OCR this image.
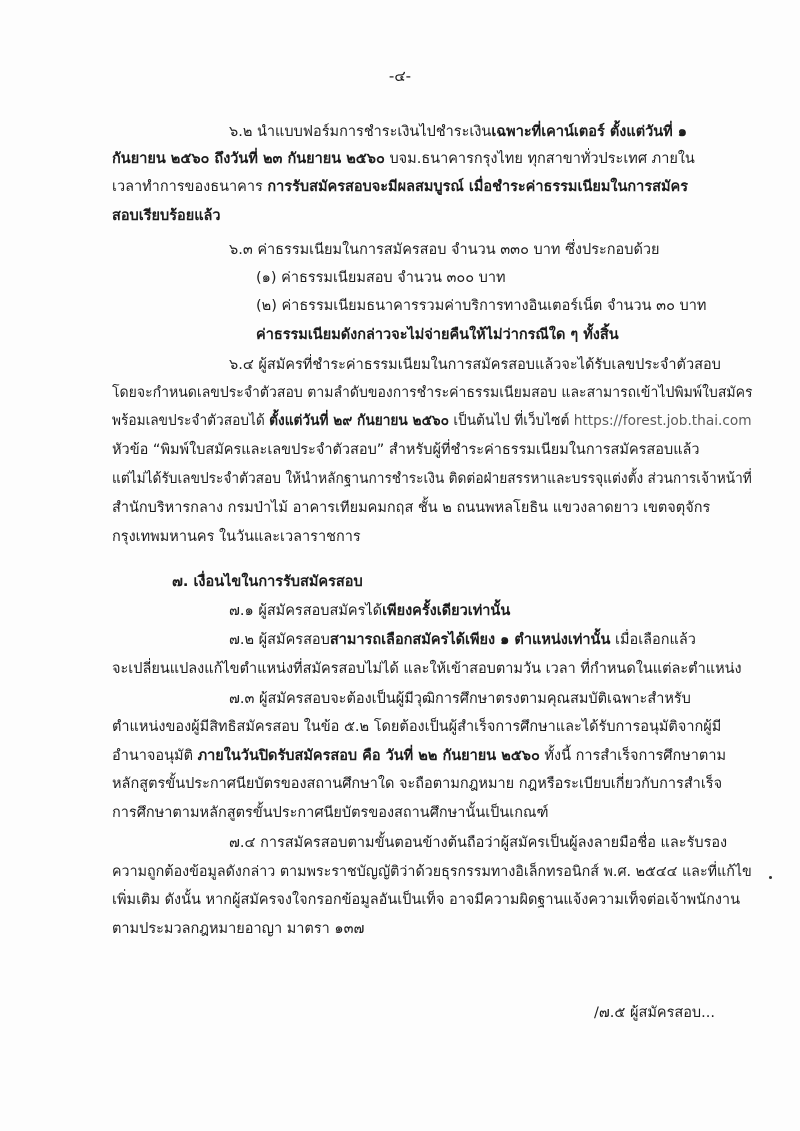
-๔-
๖.๒ นำแบบฟอร์มการชำระเงินไปชำระเงินเฉพาะที่เคาน์เตอร์ ตั้งแต่วันที่ ๑
กันยายน ๒๕๖๐ ถึงวันที่ ๒๓ กันยายน ๒๕๖๐ บจม.ธนาคารกรุงไทย ทุกสาขาทั่วประเทศ ภายใน
เวลาทำการของธนาคาร การรับสมัครสอบจะมีผลสมบูรณ์ เมื่อชำระค่าธรรมเนียมในการสมัคร
สอบเรียบร้อยแล้ว
๖.๓ ค่าธรรมเนียมในการสมัครสอบ จำนวน ๓๓๐ บาท ซึ่งประกอบด้วย
(๑) ค่าธรรมเนียมสอบ จำนวน ๓๐๐ บาท
(๒) ค่าธรรมเนียมธนาคารรวมค่าบริการทางอินเตอร์เน็ต จำนวน ๓๐ บาท
ค่าธรรมเนียมดังกล่าวจะไม่จ่ายคืนให้ไม่ว่ากรณีใด ๆ ทั้งสิ้น
๖.๔ ผู้สมัครที่ชำระค่าธรรมเนียมในการสมัครสอบแล้วจะได้รับเลขประจำตัวสอบ
โดยจะกำหนดเลขประจำตัวสอบ ตามลำดับของการชำระค่าธรรมเนียมสอบ และสามารถเข้าไปพิมพ์ใบสมัคร
พร้อมเลขประจำตัวสอบได้ ตั้งแต่วันที่ ๒๙ กันยายน ๒๕๖๐ เป็นต้นไป ที่เว็บไซต์ https://forest.job.thai.com
หัวข้อ “พิมพ์ใบสมัครและเลขประจำตัวสอบ” สำหรับผู้ที่ชำระค่าธรรมเนียมในการสมัครสอบแล้ว
แต่ไม่ได้รับเลขประจำตัวสอบ ให้นำหลักฐานการชำระเงิน ติดต่อฝ่ายสรรหาและบรรจุแต่งตั้ง ส่วนการเจ้าหน้าที่
สำนักบริหารกลาง กรมป่าไม้ อาคารเทียมคมกฤส ชั้น ๒ ถนนพหลโยธิน แขวงลาดยาว เขตจตุจักร
กรุงเทพมหานคร ในวันและเวลาราชการ
๗. เงื่อนไขในการรับสมัครสอบ
๗.๑ ผู้สมัครสอบสมัครได้เพียงครั้งเดียวเท่านั้น
๗.๒ ผู้สมัครสอบสามารถเลือกสมัครได้เพียง ๑ ตำแหน่งเท่านั้น เมื่อเลือกแล้ว
จะเปลี่ยนแปลงแก้ไขตำแหน่งที่สมัครสอบไม่ได้ และให้เข้าสอบตามวัน เวลา ที่กำหนดในแต่ละตำแหน่ง
๗.๓ ผู้สมัครสอบจะต้องเป็นผู้มีวุฒิการศึกษาตรงตามคุณสมบัติเฉพาะสำหรับ
ตำแหน่งของผู้มีสิทธิสมัครสอบ ในข้อ ๕.๒ โดยต้องเป็นผู้สำเร็จการศึกษาและได้รับการอนุมัติจากผู้มี
อำนาจอนุมัติ ภายในวันปิดรับสมัครสอบ คือ วันที่ ๒๒ กันยายน ๒๕๖๐ ทั้งนี้ การสำเร็จการศึกษาตาม
หลักสูตรขั้นประกาศนียบัตรของสถานศึกษาใด จะถือตามกฎหมาย กฎหรือระเบียบเกี่ยวกับการสำเร็จ
การศึกษาตามหลักสูตรขั้นประกาศนียบัตรของสถานศึกษานั้นเป็นเกณฑ์
๗.๔ การสมัครสอบตามขั้นตอนข้างต้นถือว่าผู้สมัครเป็นผู้ลงลายมือชื่อ และรับรอง
ความถูกต้องข้อมูลดังกล่าว ตามพระราชบัญญัติว่าด้วยธุรกรรมทางอิเล็กทรอนิกส์ พ.ศ. ๒๕๔๔ และที่แก้ไข
เพิ่มเติม ดังนั้น หากผู้สมัครจงใจกรอกข้อมูลอันเป็นเท็จ อาจมีความผิดฐานแจ้งความเท็จต่อเจ้าพนักงาน
ตามประมวลกฎหมายอาญา มาตรา ๑๓๗
/๗.๕ ผู้สมัครสอบ...
